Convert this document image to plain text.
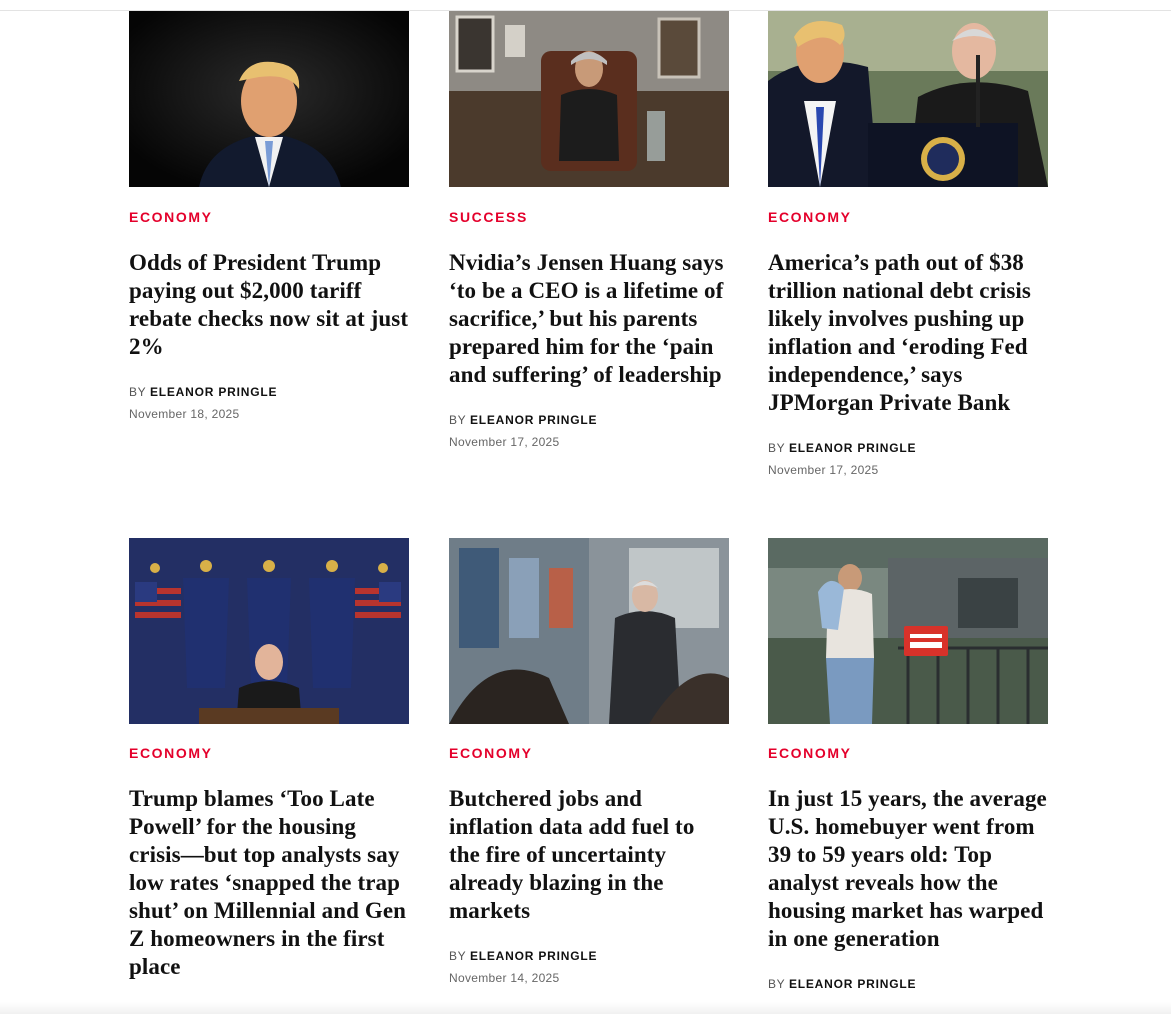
ECONOMY
Odds of President Trump paying out $2,000 tariff rebate checks now sit at just 2%
BY ELEANOR PRINGLE
November 18, 2025
SUCCESS
Nvidia’s Jensen Huang says ‘to be a CEO is a lifetime of sacrifice,’ but his parents prepared him for the ‘pain and suffering’ of leadership
BY ELEANOR PRINGLE
November 17, 2025
ECONOMY
America’s path out of $38 trillion national debt crisis likely involves pushing up inflation and ‘eroding Fed independence,’ says JPMorgan Private Bank
BY ELEANOR PRINGLE
November 17, 2025
ECONOMY
Trump blames ‘Too Late Powell’ for the housing crisis—but top analysts say low rates ‘snapped the trap shut’ on Millennial and Gen Z homeowners in the first place
ECONOMY
Butchered jobs and inflation data add fuel to the fire of uncertainty already blazing in the markets
BY ELEANOR PRINGLE
November 14, 2025
ECONOMY
In just 15 years, the average U.S. homebuyer went from 39 to 59 years old: Top analyst reveals how the housing market has warped in one generation
BY ELEANOR PRINGLE
